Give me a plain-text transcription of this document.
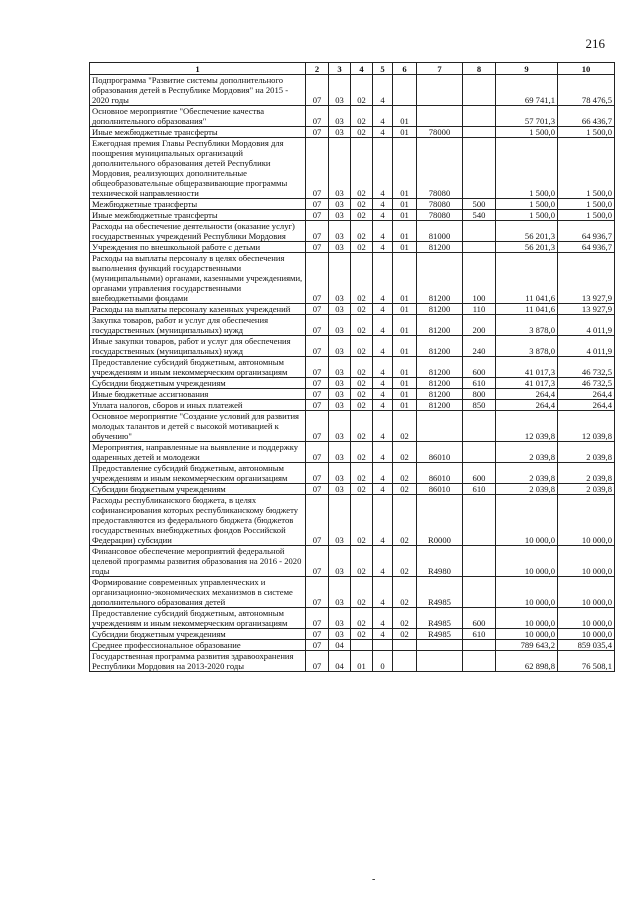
216
1	2	3	4	5	6	7	8	9	10
Подпрограмма "Развитие системы дополнительного образования детей в Республике Мордовия" на 2015 - 2020 годы	07	03	02	4				69 741,1	78 476,5
Основное мероприятие "Обеспечение качества дополнительного образования"	07	03	02	4	01			57 701,3	66 436,7
Иные межбюджетные трансферты	07	03	02	4	01	78000		1 500,0	1 500,0
Ежегодная премия Главы Республики Мордовия для поощрения муниципальных организаций дополнительного образования детей Республики Мордовия, реализующих дополнительные общеобразовательные общеразвивающие программы технической направленности	07	03	02	4	01	78080		1 500,0	1 500,0
Межбюджетные трансферты	07	03	02	4	01	78080	500	1 500,0	1 500,0
Иные межбюджетные трансферты	07	03	02	4	01	78080	540	1 500,0	1 500,0
Расходы на обеспечение деятельности (оказание услуг) государственных учреждений Республики Мордовия	07	03	02	4	01	81000		56 201,3	64 936,7
Учреждения по внешкольной работе с детьми	07	03	02	4	01	81200		56 201,3	64 936,7
Расходы на выплаты персоналу в целях обеспечения выполнения функций государственными (муниципальными) органами, казенными учреждениями, органами управления государственными внебюджетными фондами	07	03	02	4	01	81200	100	11 041,6	13 927,9
Расходы на выплаты персоналу казенных учреждений	07	03	02	4	01	81200	110	11 041,6	13 927,9
Закупка товаров, работ и услуг для обеспечения государственных (муниципальных) нужд	07	03	02	4	01	81200	200	3 878,0	4 011,9
Иные закупки товаров, работ и услуг для обеспечения государственных (муниципальных) нужд	07	03	02	4	01	81200	240	3 878,0	4 011,9
Предоставление субсидий бюджетным, автономным учреждениям и иным некоммерческим организациям	07	03	02	4	01	81200	600	41 017,3	46 732,5
Субсидии бюджетным учреждениям	07	03	02	4	01	81200	610	41 017,3	46 732,5
Иные бюджетные ассигнования	07	03	02	4	01	81200	800	264,4	264,4
Уплата налогов, сборов и иных платежей	07	03	02	4	01	81200	850	264,4	264,4
Основное мероприятие "Создание условий для развития молодых талантов и детей с высокой мотивацией к обучению"	07	03	02	4	02			12 039,8	12 039,8
Мероприятия, направленные на выявление и поддержку одаренных детей и молодежи	07	03	02	4	02	86010		2 039,8	2 039,8
Предоставление субсидий бюджетным, автономным учреждениям и иным некоммерческим организациям	07	03	02	4	02	86010	600	2 039,8	2 039,8
Субсидии бюджетным учреждениям	07	03	02	4	02	86010	610	2 039,8	2 039,8
Расходы республиканского бюджета, в целях софинансирования которых республиканскому бюджету предоставляются из федерального бюджета (бюджетов государственных внебюджетных фондов Российской Федерации) субсидии	07	03	02	4	02	R0000		10 000,0	10 000,0
Финансовое обеспечение мероприятий федеральной целевой программы развития образования на 2016 - 2020 годы	07	03	02	4	02	R4980		10 000,0	10 000,0
Формирование современных управленческих и организационно-экономических механизмов в системе дополнительного образования детей	07	03	02	4	02	R4985		10 000,0	10 000,0
Предоставление субсидий бюджетным, автономным учреждениям и иным некоммерческим организациям	07	03	02	4	02	R4985	600	10 000,0	10 000,0
Субсидии бюджетным учреждениям	07	03	02	4	02	R4985	610	10 000,0	10 000,0
Среднее профессиональное образование	07	04						789 643,2	859 035,4
Государственная программа развития здравоохранения Республики Мордовия на 2013-2020 годы	07	04	01	0				62 898,8	76 508,1
-
